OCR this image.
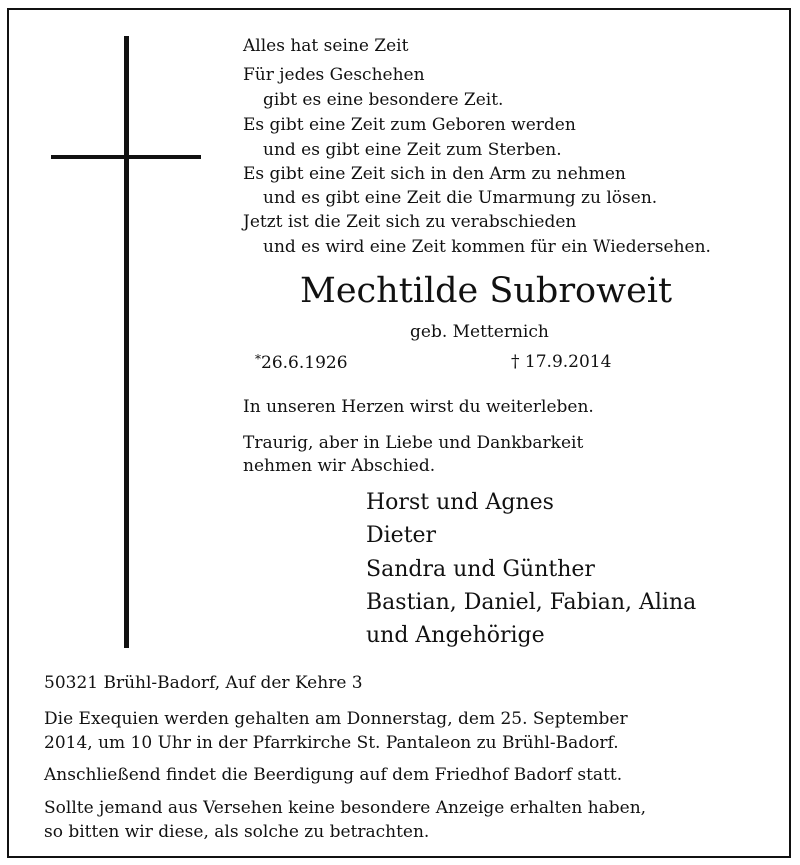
Alles hat seine Zeit
Für jedes Geschehen
gibt es eine besondere Zeit.
Es gibt eine Zeit zum Geboren werden
und es gibt eine Zeit zum Sterben.
Es gibt eine Zeit sich in den Arm zu nehmen
und es gibt eine Zeit die Umarmung zu lösen.
Jetzt ist die Zeit sich zu verabschieden
und es wird eine Zeit kommen für ein Wiedersehen.
Mechtilde Subroweit
geb. Metternich
*26.6.1926	† 17.9.2014
In unseren Herzen wirst du weiterleben.
Traurig, aber in Liebe und Dankbarkeit
nehmen wir Abschied.
Horst und Agnes
Dieter
Sandra und Günther
Bastian, Daniel, Fabian, Alina
und Angehörige
50321 Brühl-Badorf, Auf der Kehre 3
Die Exequien werden gehalten am Donnerstag, dem 25. September
2014, um 10 Uhr in der Pfarrkirche St. Pantaleon zu Brühl-Badorf.
Anschließend findet die Beerdigung auf dem Friedhof Badorf statt.
Sollte jemand aus Versehen keine besondere Anzeige erhalten haben,
so bitten wir diese, als solche zu betrachten.
